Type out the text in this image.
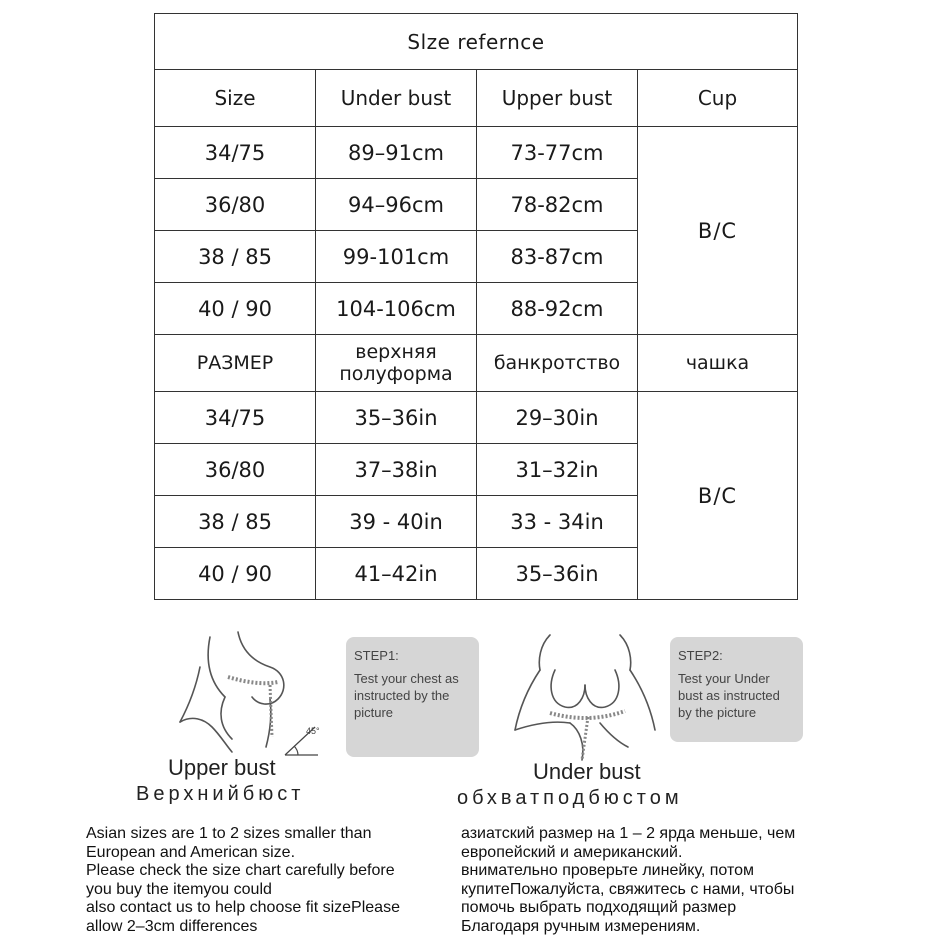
Slze refernce			
Size	Under bust	Upper bust	Cup
34/75	89–91cm	73-77cm	B/C
36/80	94–96cm	78-82cm	
38 / 85	99-101cm	83-87cm	
40 / 90	104-106cm	88-92cm	
РАЗМЕР	верхняя полуформа	банкротство	чашка
34/75	35–36in	29–30in	B/C
36/80	37–38in	31–32in	
38 / 85	39 - 40in	33 - 34in	
40 / 90	41–42in	35–36in	
45°
STEP1:
Test your chest as instructed by the picture
Upper bust
Верхнийбюст
STEP2:
Test your Under bust as instructed by the picture
Under bust
обхватподбюстом
Asian sizes are 1 to 2 sizes smaller than
European and American size.
Please check the size chart carefully before
you buy the itemyou could
also contact us to help choose fit sizePlease
allow 2–3cm differences
азиатский размер на 1 – 2 ярда меньше, чем
европейский и американский.
внимательно проверьте линейку, потом
купитеПожалуйста, свяжитесь с нами, чтобы
помочь выбрать подходящий размер
Благодаря ручным измерениям.
